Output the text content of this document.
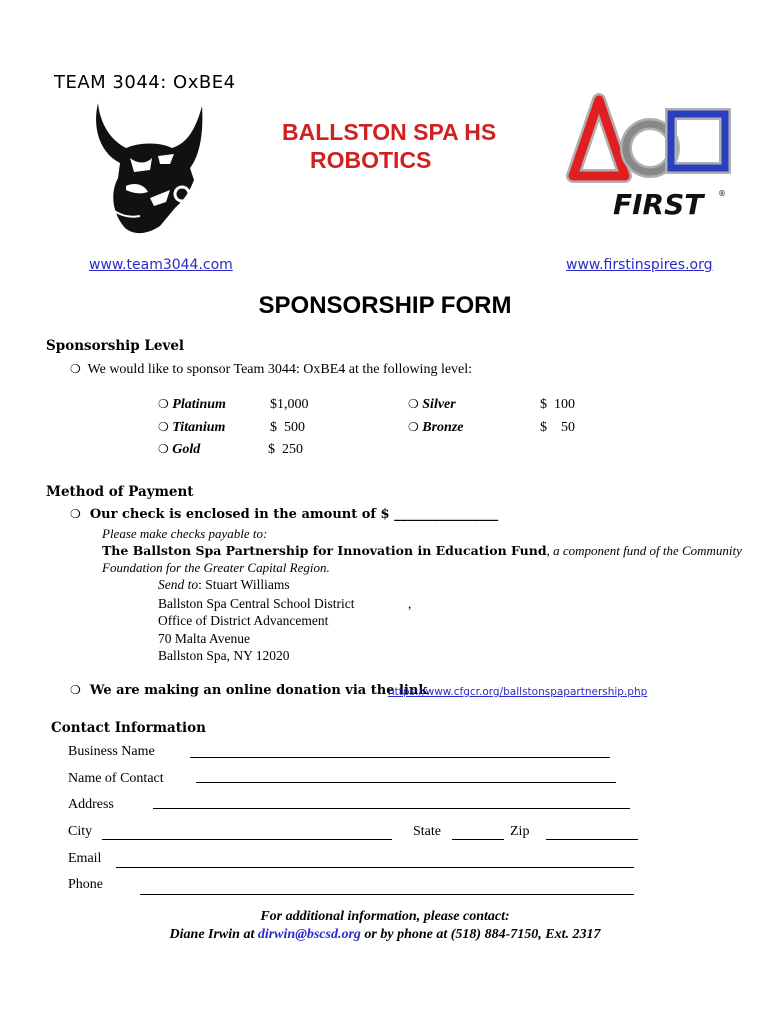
TEAM 3044: OxBE4
BALLSTON SPA HS
ROBOTICS
FIRST ®
www.team3044.com	www.firstinspires.org
SPONSORSHIP FORM
Sponsorship Level
❍ We would like to sponsor Team 3044: OxBE4 at the following level:
❍ Platinum	$1,000
❍ Titanium	$  500
❍ Gold	$  250
❍ Silver	$  100
❍ Bronze	$    50
Method of Payment
❍ Our check is enclosed in the amount of $ ________________
Please make checks payable to:
The Ballston Spa Partnership for Innovation in Education Fund, a component fund of the Community
Foundation for the Greater Capital Region.
Send to: Stuart Williams
Ballston Spa Central School District	,
Office of District Advancement
70 Malta Avenue
Ballston Spa, NY 12020
❍ We are making an online donation via the link
https://www.cfgcr.org/ballstonspapartnership.php
Contact Information
Business Name
Name of Contact
Address
City	State	Zip
Email
Phone
For additional information, please contact:
Diane Irwin at dirwin@bscsd.org or by phone at (518) 884-7150, Ext. 2317
